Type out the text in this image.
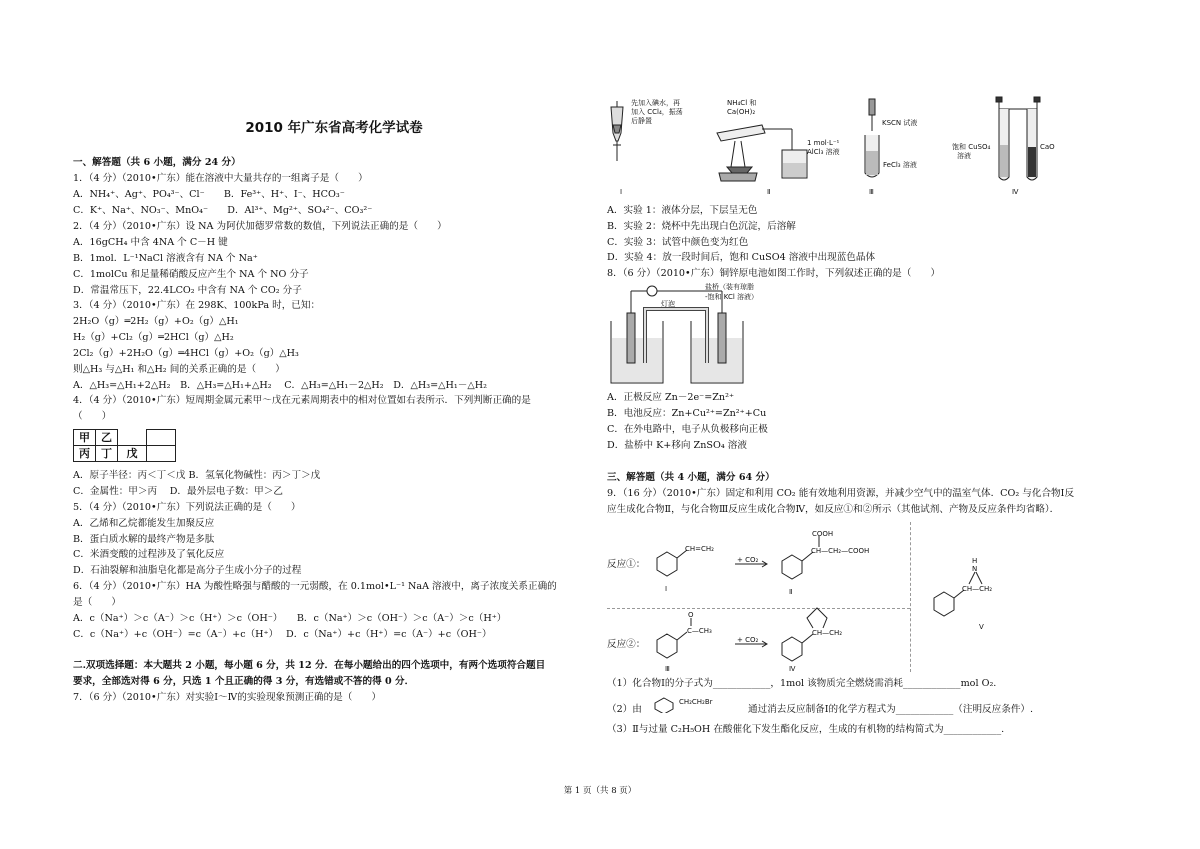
2010 年广东省高考化学试卷
一、解答题（共 6 小题，满分 24 分）
1．（4 分）（2010•广东）能在溶液中大量共存的一组离子是（　　）
A．NH₄⁺、Ag⁺、PO₄³⁻、Cl⁻　　B．Fe³⁺、H⁺、I⁻、HCO₃⁻
C．K⁺、Na⁺、NO₃⁻、MnO₄⁻　　D．Al³⁺、Mg²⁺、SO₄²⁻、CO₃²⁻
2．（4 分）（2010•广东）设 NA 为阿伏加德罗常数的数值，下列说法正确的是（　　）
A．16gCH₄ 中含 4NA 个 C－H 键
B．1mol．L⁻¹NaCl 溶液含有 NA 个 Na⁺
C．1molCu 和足量稀硝酸反应产生个 NA 个 NO 分子
D．常温常压下，22.4LCO₂ 中含有 NA 个 CO₂ 分子
3．（4 分）（2010•广东）在 298K、100kPa 时，已知：
2H₂O（g）═2H₂（g）+O₂（g）△H₁
H₂（g）+Cl₂（g）═2HCl（g）△H₂
2Cl₂（g）+2H₂O（g）═4HCl（g）+O₂（g）△H₃
则△H₃ 与△H₁ 和△H₂ 间的关系正确的是（　　）
A．△H₃=△H₁+2△H₂　B．△H₃=△H₁+△H₂　 C．△H₃=△H₁－2△H₂　D．△H₃=△H₁－△H₂
4．（4 分）（2010•广东）短周期金属元素甲～戊在元素周期表中的相对位置如右表所示．下列判断正确的是
（　　）
甲	乙		
丙	丁	戊	
A．原子半径：丙＜丁＜戊 B．氢氧化物碱性：丙＞丁＞戊
C．金属性：甲＞丙　 D．最外层电子数：甲＞乙
5．（4 分）（2010•广东）下列说法正确的是（　　）
A．乙烯和乙烷都能发生加聚反应
B．蛋白质水解的最终产物是多肽
C．米酒变酸的过程涉及了氧化反应
D．石油裂解和油脂皂化都是高分子生成小分子的过程
6．（4 分）（2010•广东）HA 为酸性略强与醋酸的一元弱酸，在 0.1mol•L⁻¹ NaA 溶液中，离子浓度关系正确的
是（　　）
A．c（Na⁺）＞c（A⁻）＞c（H⁺）＞c（OH⁻）　　B．c（Na⁺）＞c（OH⁻）＞c（A⁻）＞c（H⁺）
C．c（Na⁺）+c（OH⁻）=c（A⁻）+c（H⁺）　 D．c（Na⁺）+c（H⁺）=c（A⁻）+c（OH⁻）
二.双项选择题：本大题共 2 小题，每小题 6 分，共 12 分．在每小题给出的四个选项中，有两个选项符合题目
要求，全部选对得 6 分，只选 1 个且正确的得 3 分，有选错或不答的得 0 分．
7．（6 分）（2010•广东）对实验Ⅰ～Ⅳ的实验现象预测正确的是（　　）
先加入碘水，再
加入 CCl₄，振荡
后静置
NH₄Cl 和
Ca(OH)₂
1 mol·L⁻¹
AlCl₃ 溶液
KSCN 试液
FeCl₃ 溶液
饱和 CuSO₄
溶液
CaO
Ⅰ	Ⅱ	Ⅲ	Ⅳ
A．实验 1：液体分层，下层呈无色
B．实验 2：烧杯中先出现白色沉淀，后溶解
C．实验 3：试管中颜色变为红色
D．实验 4：放一段时间后，饱和 CuSO4 溶液中出现蓝色晶体
8．（6 分）（2010•广东）铜锌原电池如图工作时，下列叙述正确的是（　　）
灯泡
盐桥（装有琼脂
-饱和 KCl 溶液）
A．正极反应 Zn－2e⁻=Zn²⁺
B．电池反应：Zn+Cu²⁺=Zn²⁺+Cu
C．在外电路中，电子从负极移向正极
D．盐桥中 K+移向 ZnSO₄ 溶液
三、解答题（共 4 小题，满分 64 分）
9．（16 分）（2010•广东）固定和利用 CO₂ 能有效地利用资源，并减少空气中的温室气体．CO₂ 与化合物Ⅰ反
应生成化合物Ⅱ，与化合物Ⅲ反应生成化合物Ⅳ，如反应①和②所示（其他试剂、产物及反应条件均省略）．
反应①：
反应②：
CH=CH₂
+ CO₂
COOH
CH—CH₂—COOH
O
C—CH₃
+ CO₂
CH—CH₂
H
N
CH—CH₂
Ⅰ	Ⅱ
Ⅲ	Ⅳ
Ⅴ
（1）化合物Ⅰ的分子式为____________，1mol 该物质完全燃烧需消耗____________mol O₂.
（2）由
CH₂CH₂Br
通过消去反应制备Ⅰ的化学方程式为____________（注明反应条件）.
（3）Ⅱ与过量 C₂H₅OH 在酸催化下发生酯化反应，生成的有机物的结构简式为____________.
第 1 页（共 8 页）
